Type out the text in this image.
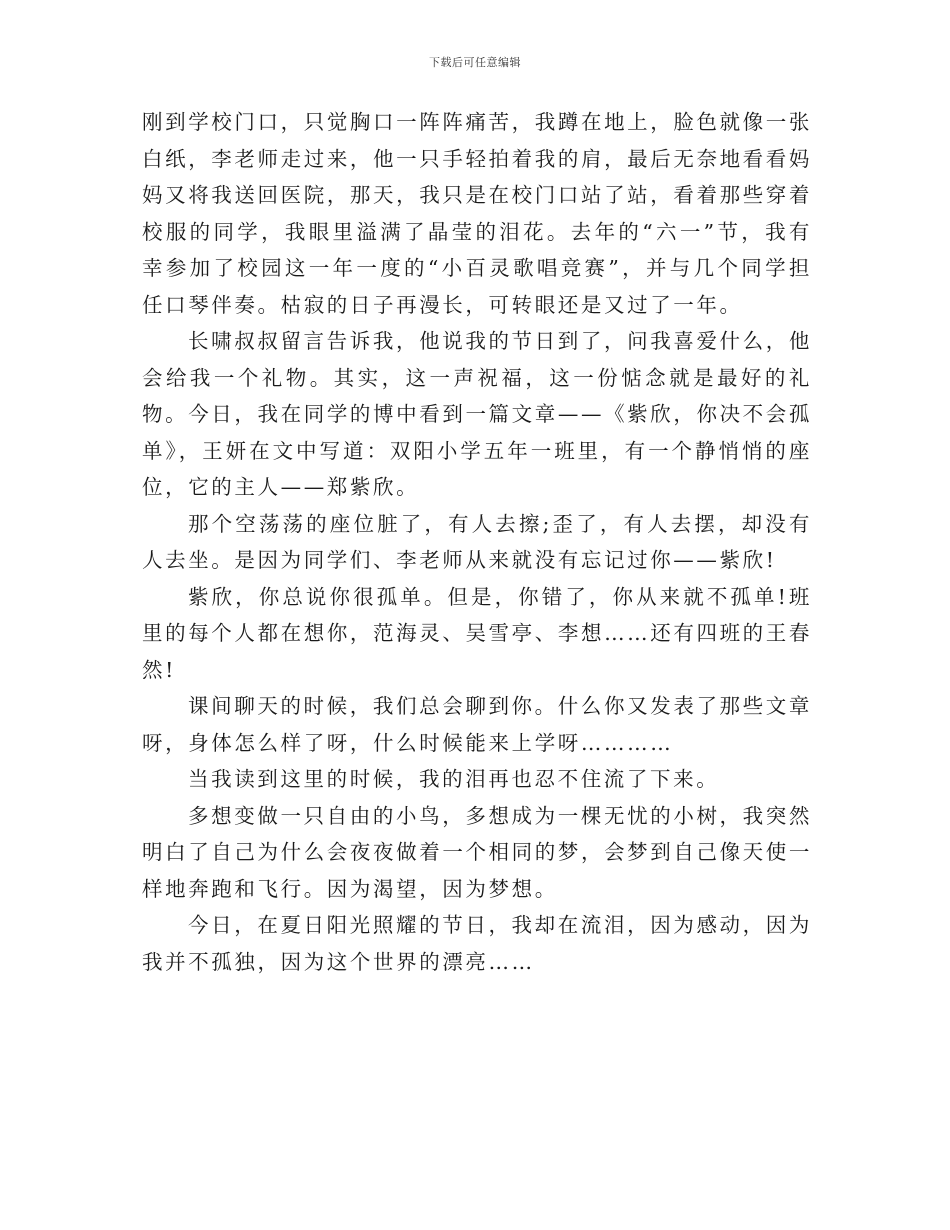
下载后可任意编辑

刚到学校门口，只觉胸口一阵阵痛苦，我蹲在地上，脸色就像一张白纸，李老师走过来，他一只手轻拍着我的肩，最后无奈地看看妈妈又将我送回医院，那天，我只是在校门口站了站，看着那些穿着校服的同学，我眼里溢满了晶莹的泪花。去年的“六一”节，我有幸参加了校园这一年一度的“小百灵歌唱竞赛”，并与几个同学担任口琴伴奏。枯寂的日子再漫长，可转眼还是又过了一年。

长啸叔叔留言告诉我，他说我的节日到了，问我喜爱什么，他会给我一个礼物。其实，这一声祝福，这一份惦念就是最好的礼物。今日，我在同学的博中看到一篇文章——《紫欣，你决不会孤单》，王妍在文中写道：双阳小学五年一班里，有一个静悄悄的座位，它的主人——郑紫欣。

那个空荡荡的座位脏了，有人去擦;歪了，有人去摆，却没有人去坐。是因为同学们、李老师从来就没有忘记过你——紫欣!

紫欣，你总说你很孤单。但是，你错了，你从来就不孤单!班里的每个人都在想你，范海灵、吴雪亭、李想……还有四班的王春然!

课间聊天的时候，我们总会聊到你。什么你又发表了那些文章呀，身体怎么样了呀，什么时候能来上学呀…………

当我读到这里的时候，我的泪再也忍不住流了下来。

多想变做一只自由的小鸟，多想成为一棵无忧的小树，我突然明白了自己为什么会夜夜做着一个相同的梦，会梦到自己像天使一样地奔跑和飞行。因为渴望，因为梦想。

今日，在夏日阳光照耀的节日，我却在流泪，因为感动，因为我并不孤独，因为这个世界的漂亮……
